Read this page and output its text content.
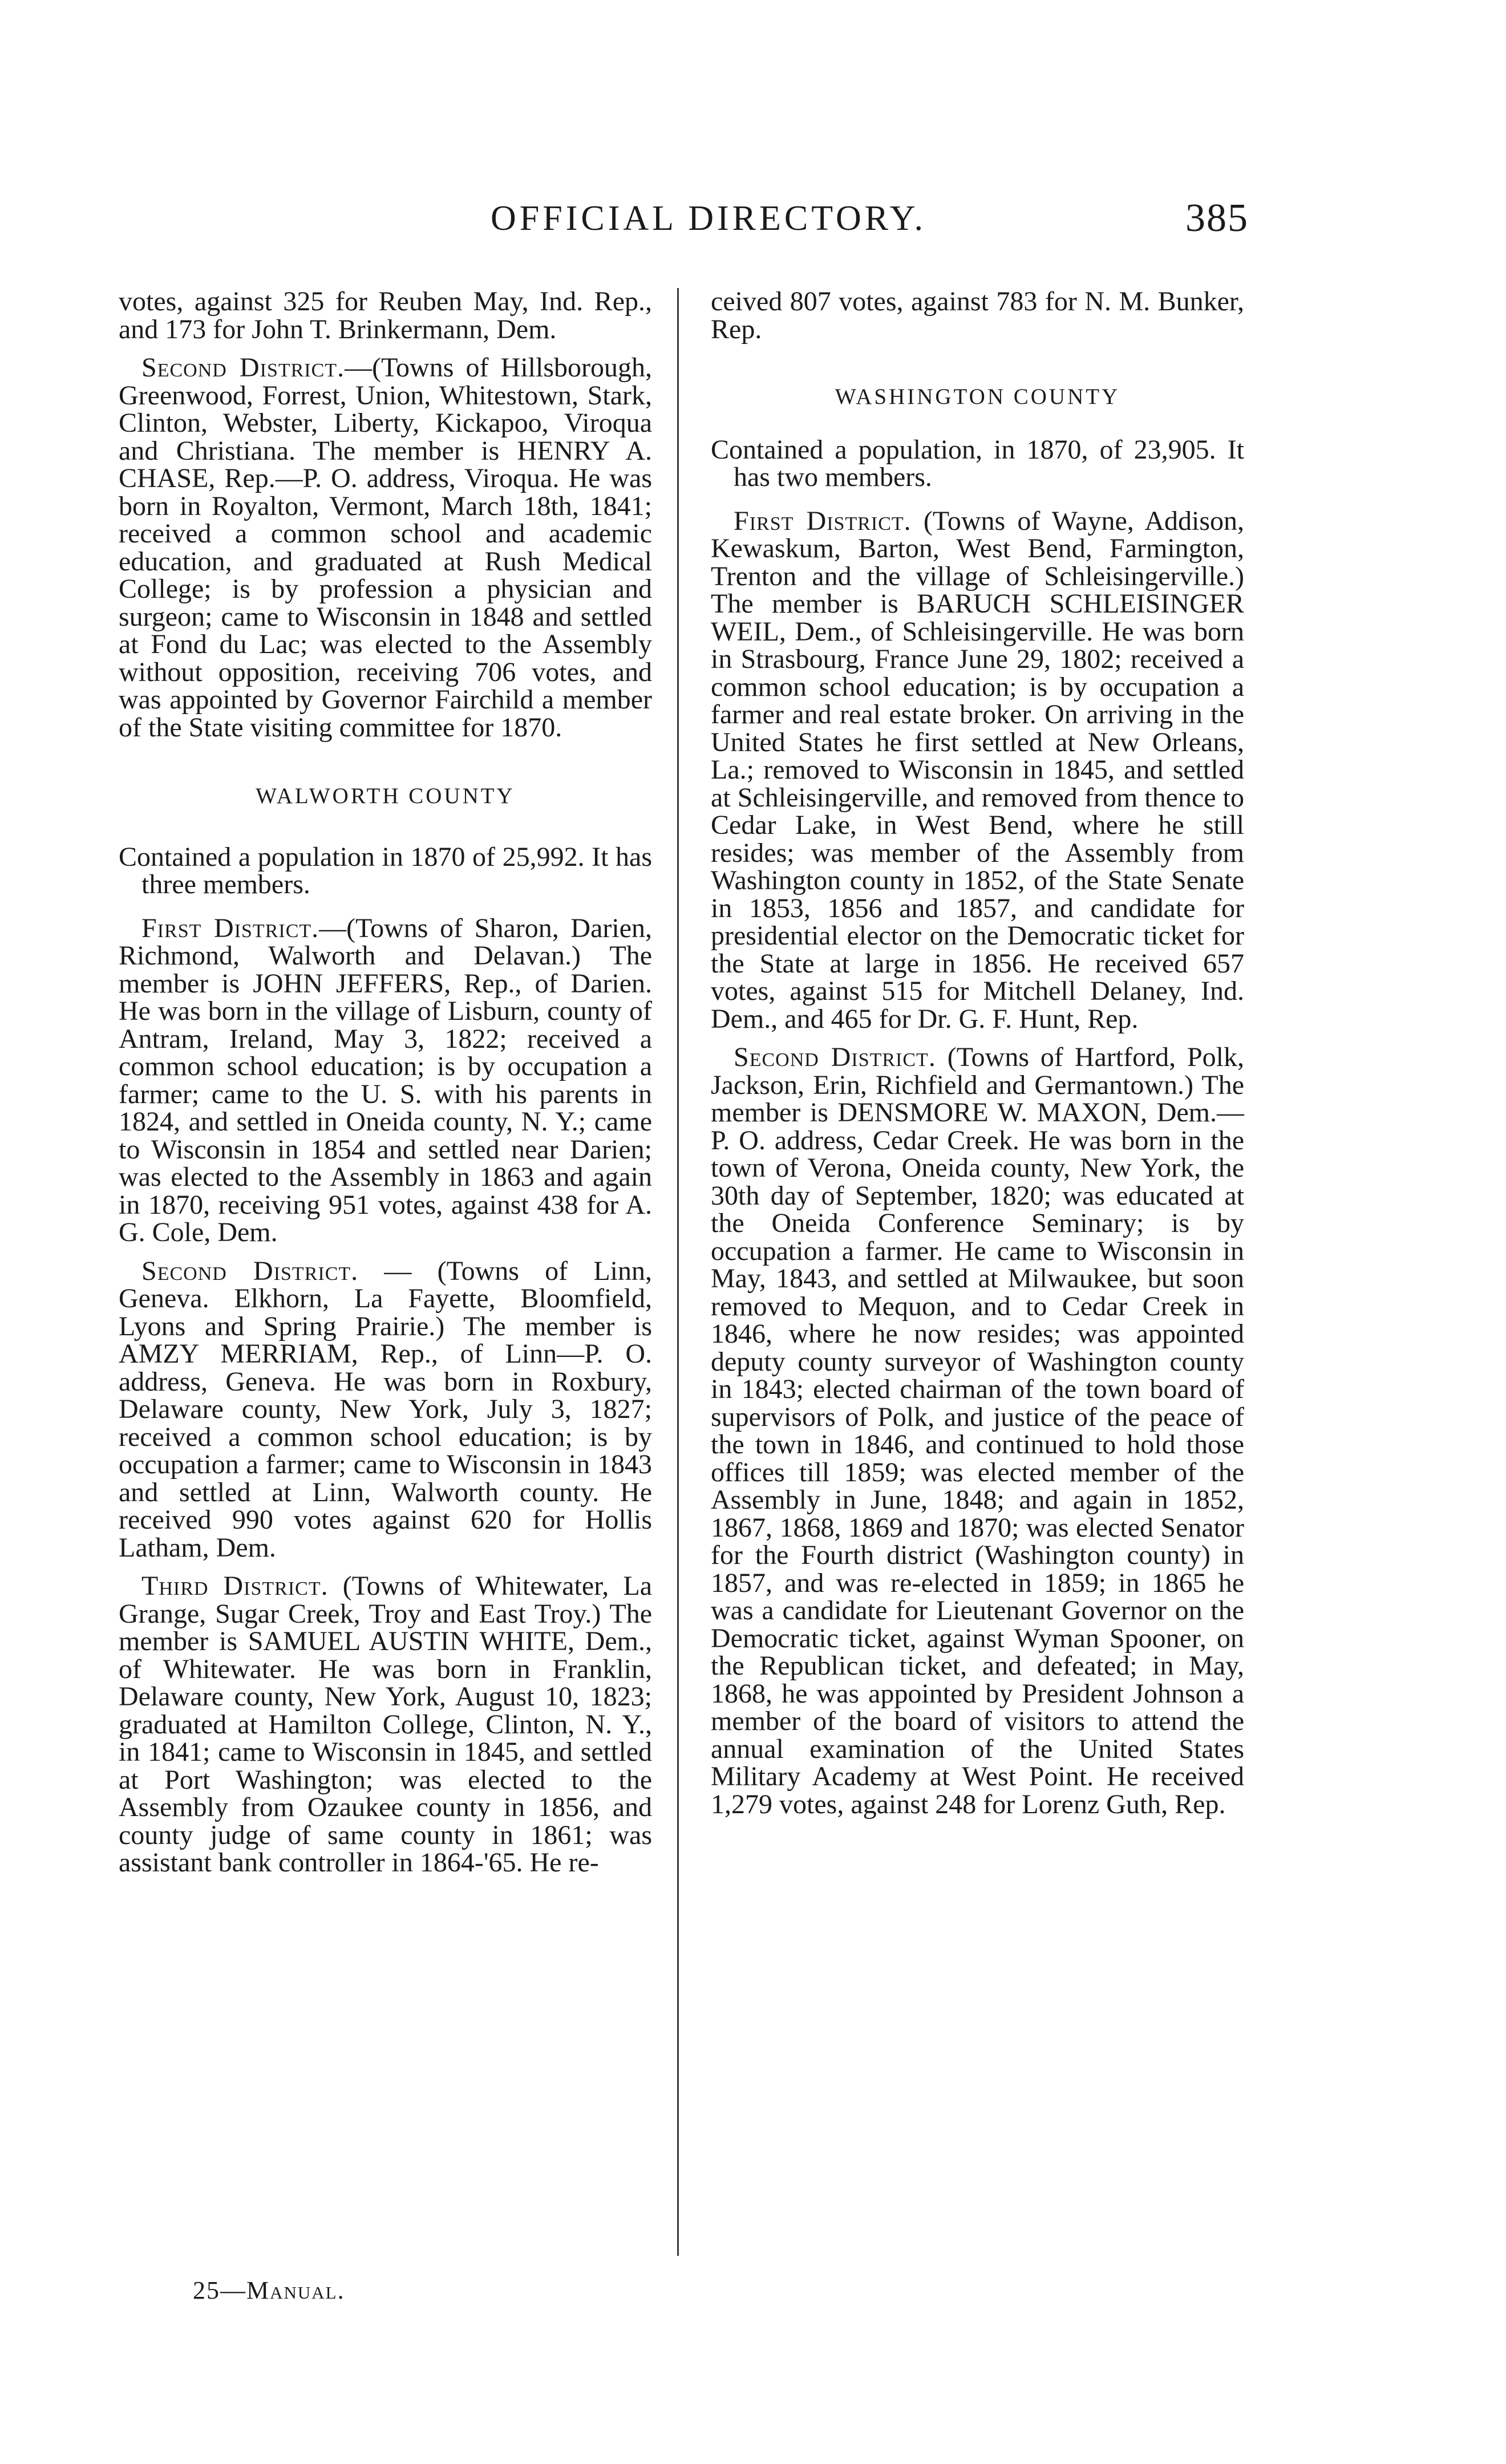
OFFICIAL DIRECTORY.	385

votes, against 325 for Reuben May, Ind. Rep., and 173 for John T. Brinkermann, Dem.

Second District.—(Towns of Hillsborough, Greenwood, Forrest, Union, Whitestown, Stark, Clinton, Webster, Liberty, Kickapoo, Viroqua and Christiana. The member is HENRY A. CHASE, Rep.—P. O. address, Viroqua. He was born in Royalton, Vermont, March 18th, 1841; received a common school and academic education, and graduated at Rush Medical College; is by profession a physician and surgeon; came to Wisconsin in 1848 and settled at Fond du Lac; was elected to the Assembly without opposition, receiving 706 votes, and was appointed by Governor Fairchild a member of the State visiting committee for 1870.

WALWORTH COUNTY

Contained a population in 1870 of 25,992. It has three members.

First District.—(Towns of Sharon, Darien, Richmond, Walworth and Delavan.) The member is JOHN JEFFERS, Rep., of Darien. He was born in the village of Lisburn, county of Antram, Ireland, May 3, 1822; received a common school education; is by occupation a farmer; came to the U. S. with his parents in 1824, and settled in Oneida county, N. Y.; came to Wisconsin in 1854 and settled near Darien; was elected to the Assembly in 1863 and again in 1870, receiving 951 votes, against 438 for A. G. Cole, Dem.

Second District. — (Towns of Linn, Geneva. Elkhorn, La Fayette, Bloomfield, Lyons and Spring Prairie.) The member is AMZY MERRIAM, Rep., of Linn—P. O. address, Geneva. He was born in Roxbury, Delaware county, New York, July 3, 1827; received a common school education; is by occupation a farmer; came to Wisconsin in 1843 and settled at Linn, Walworth county. He received 990 votes against 620 for Hollis Latham, Dem.

Third District. (Towns of Whitewater, La Grange, Sugar Creek, Troy and East Troy.) The member is SAMUEL AUSTIN WHITE, Dem., of Whitewater. He was born in Franklin, Delaware county, New York, August 10, 1823; graduated at Hamilton College, Clinton, N. Y., in 1841; came to Wisconsin in 1845, and settled at Port Washington; was elected to the Assembly from Ozaukee county in 1856, and county judge of same county in 1861; was assistant bank controller in 1864-'65. He re-

ceived 807 votes, against 783 for N. M. Bunker, Rep.

WASHINGTON COUNTY

Contained a population, in 1870, of 23,905. It has two members.

First District. (Towns of Wayne, Addison, Kewaskum, Barton, West Bend, Farmington, Trenton and the village of Schleisingerville.) The member is BARUCH SCHLEISINGER WEIL, Dem., of Schleisingerville. He was born in Strasbourg, France June 29, 1802; received a common school education; is by occupation a farmer and real estate broker. On arriving in the United States he first settled at New Orleans, La.; removed to Wisconsin in 1845, and settled at Schleisingerville, and removed from thence to Cedar Lake, in West Bend, where he still resides; was member of the Assembly from Washington county in 1852, of the State Senate in 1853, 1856 and 1857, and candidate for presidential elector on the Democratic ticket for the State at large in 1856. He received 657 votes, against 515 for Mitchell Delaney, Ind. Dem., and 465 for Dr. G. F. Hunt, Rep.

Second District. (Towns of Hartford, Polk, Jackson, Erin, Richfield and Germantown.) The member is DENSMORE W. MAXON, Dem.—P. O. address, Cedar Creek. He was born in the town of Verona, Oneida county, New York, the 30th day of September, 1820; was educated at the Oneida Conference Seminary; is by occupation a farmer. He came to Wisconsin in May, 1843, and settled at Milwaukee, but soon removed to Mequon, and to Cedar Creek in 1846, where he now resides; was appointed deputy county surveyor of Washington county in 1843; elected chairman of the town board of supervisors of Polk, and justice of the peace of the town in 1846, and continued to hold those offices till 1859; was elected member of the Assembly in June, 1848; and again in 1852, 1867, 1868, 1869 and 1870; was elected Senator for the Fourth district (Washington county) in 1857, and was re-elected in 1859; in 1865 he was a candidate for Lieutenant Governor on the Democratic ticket, against Wyman Spooner, on the Republican ticket, and defeated; in May, 1868, he was appointed by President Johnson a member of the board of visitors to attend the annual examination of the United States Military Academy at West Point. He received 1,279 votes, against 248 for Lorenz Guth, Rep.

25—Manual.
